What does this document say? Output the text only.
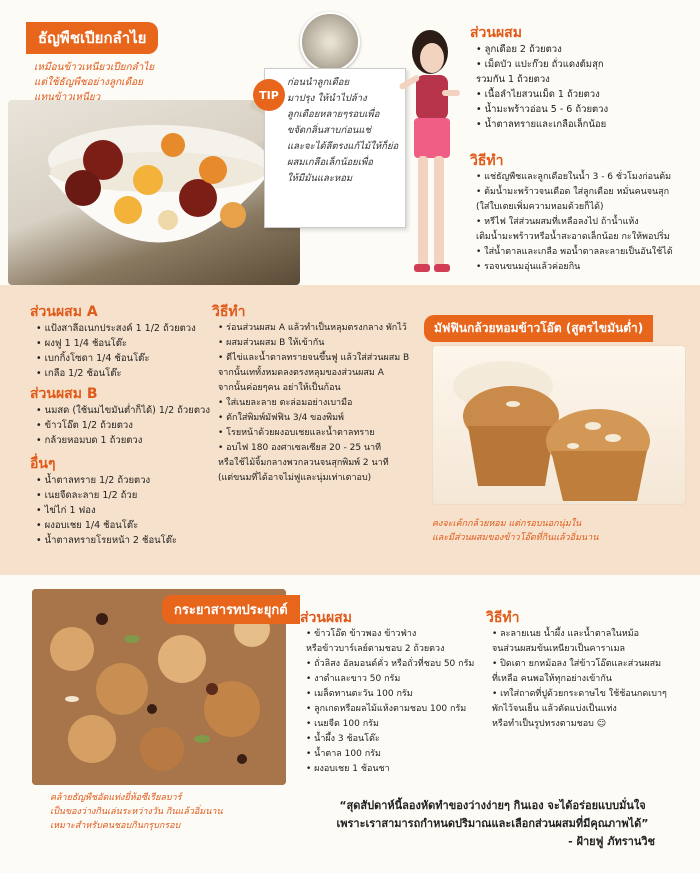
ธัญพืชเปียกลำไย
เหมือนข้าวเหนียวเปียกลำไย
แต่ใช้ธัญพืชอย่างลูกเดือย
แทนข้าวเหนียว	TIP
ก่อนนำลูกเดือย
มาปรุง ให้นำไปล้าง
ลูกเดือยหลายๆรอบเพื่อ
ขจัดกลิ่นสาบก่อนแช่
และจะได้ลีตรงแก้ไม้ให้ก็ย่อ
ผสมเกลือเล็กน้อยเพื่อ
ให้มีมันและหอม
ส่วนผสม
• ลูกเดือย 2 ถ้วยตวง
• เม็ดบัว แปะก๊วย ถั่วแดงต้มสุก
รวมกัน 1 ถ้วยตวง
• เนื้อลำไยสวนเม็ด 1 ถ้วยตวง
• น้ำมะพร้าวอ่อน 5 - 6 ถ้วยตวง
• น้ำตาลทรายและเกลือเล็กน้อย
วิธีทำ
• แช่ธัญพืชและลูกเดือยในน้ำ 3 - 6 ชั่วโมงก่อนต้ม
• ต้มน้ำมะพร้าวจนเดือด ใส่ลูกเดือย หมั่นคนจนสุก
(ใส่ใบเตยเพิ่มความหอมด้วยก็ได้)
• หรีไฟ ใส่ส่วนผสมที่เหลือลงไป ถ้าน้ำแห้ง
เติมน้ำมะพร้าวหรือน้ำสะอาดเล็กน้อย กะให้พอปริ่ม
• ใส่น้ำตาลและเกลือ พอน้ำตาลละลายเป็นอันใช้ได้
• รอจนขนมอุ่นแล้วค่อยกิน
ส่วนผสม A
• แป้งสาลีอเนกประสงค์ 1 1/2 ถ้วยตวง
• ผงฟู 1 1/4 ช้อนโต๊ะ
• เบกกิ้งโซดา 1/4 ช้อนโต๊ะ
• เกลือ 1/2 ช้อนโต๊ะ
ส่วนผสม B
• นมสด (ใช้นมไขมันต่ำก็ได้) 1/2 ถ้วยตวง
• ข้าวโอ๊ต 1/2 ถ้วยตวง
• กล้วยหอมบด 1 ถ้วยตวง
อื่นๆ
• น้ำตาลทราย 1/2 ถ้วยตวง
• เนยจืดละลาย 1/2 ถ้วย
• ไข่ไก่ 1 ฟอง
• ผงอบเชย 1/4 ช้อนโต๊ะ
• น้ำตาลทรายโรยหน้า 2 ช้อนโต๊ะ
วิธีทำ
• ร่อนส่วนผสม A แล้วทำเป็นหลุมตรงกลาง พักไว้
• ผสมส่วนผสม B ให้เข้ากัน
• ตีไข่และน้ำตาลทรายจนขึ้นฟู แล้วใส่ส่วนผสม B
จากนั้นเททั้งหมดลงตรงหลุมของส่วนผสม A
จากนั้นค่อยๆคน อย่าให้เป็นก้อน
• ใส่เนยละลาย ตะล่อมอย่างเบามือ
• ตักใส่พิมพ์มัฟฟิน 3/4 ของพิมพ์
• โรยหน้าด้วยผงอบเชยและน้ำตาลทราย
• อบไฟ 180 องศาเซลเซียส 20 - 25 นาที
หรือใช้ไม้จิ้มกลางพวกลวนจนสุกพิมพ์ 2 นาที
(แต่ขนมที่ได้อาจไม่ฟูและนุ่มเท่าเตาอบ)
มัฟฟินกล้วยหอมข้าวโอ๊ต (สูตรไขมันต่ำ)
คงจะเค้กกล้วยหอม แต่กรอบนอกนุ่มใน
และมีส่วนผสมของข้าวโอ๊ตที่กินแล้วอิ่มนาน
กระยาสารทประยุกต์
คล้ายธัญพืชอัดแท่งยี่ห้อซีเรียลบาร์
เป็นของว่างกินเล่นระหว่างวัน กินแล้วอิ่มนาน
เหมาะสำหรับคนชอบกินกรุบกรอบ
ส่วนผสม
• ข้าวโอ๊ต ข้าวพอง ข้าวฟ่าง
หรือข้าวบาร์เลย์ตามชอบ 2 ถ้วยตวง
• ถั่วลิสง อัลมอนด์คั่ว หรือถั่วที่ชอบ 50 กรัม
• งาดำและขาว 50 กรัม
• เมล็ดทานตะวัน 100 กรัม
• ลูกเกดหรือผลไม้แห้งตามชอบ 100 กรัม
• เนยจืด 100 กรัม
• น้ำผึ้ง 3 ช้อนโต๊ะ
• น้ำตาล 100 กรัม
• ผงอบเชย 1 ช้อนชา
วิธีทำ
• ละลายเนย น้ำผึ้ง และน้ำตาลในหม้อ
จนส่วนผสมข้นเหนียวเป็นคาราเมล
• ปิดเตา ยกหม้อลง ใส่ข้าวโอ๊ตและส่วนผสม
ที่เหลือ คนพอให้ทุกอย่างเข้ากัน
• เทใส่ถาดที่ปูด้วยกระดาษไข ใช้ช้อนกดเบาๆ
พักไว้จนเย็น แล้วตัดแบ่งเป็นแท่ง
หรือทำเป็นรูปทรงตามชอบ ☺
“สุดสัปดาห์นี้ลองหัดทำของว่างง่ายๆ กินเอง จะได้อร่อยแบบมั่นใจ
เพราะเราสามารถกำหนดปริมาณและเลือกส่วนผสมที่มีคุณภาพได้”
- ฝ้ายฟู ภัทรานวิช
